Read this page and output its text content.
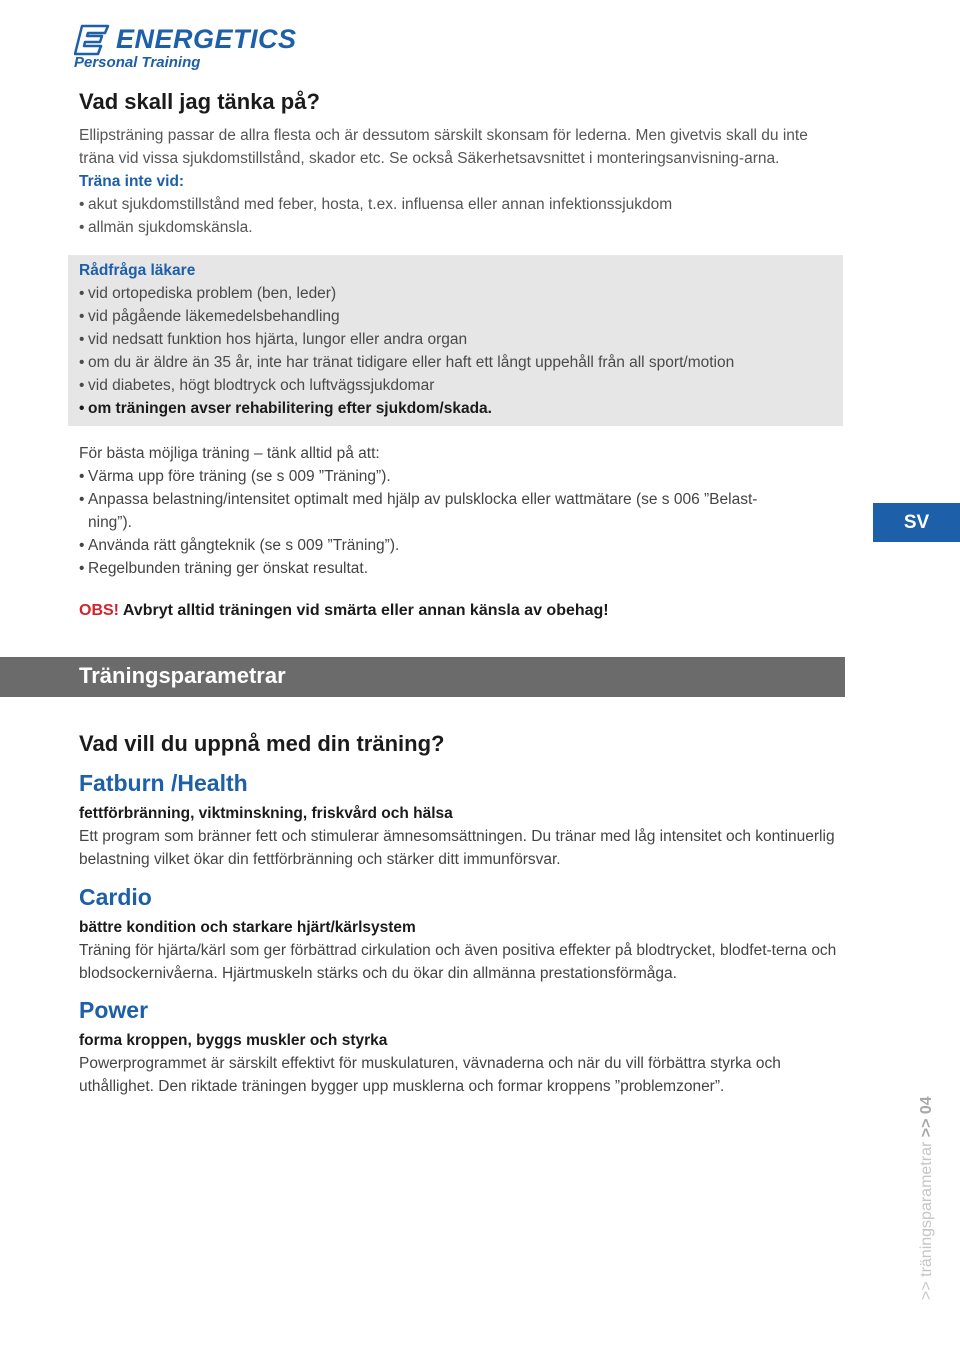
ENERGETICS
Personal Training
Vad skall jag tänka på?
Ellipsträning passar de allra flesta och är dessutom särskilt skonsam för lederna. Men givetvis skall du inte träna vid vissa sjukdomstillstånd, skador etc. Se också Säkerhetsavsnittet i monteringsanvisning-arna. Träna inte vid:
• akut sjukdomstillstånd med feber, hosta, t.ex. influensa eller annan infektionssjukdom
• allmän sjukdomskänsla.
Rådfråga läkare
• vid ortopediska problem (ben, leder)
• vid pågående läkemedelsbehandling
• vid nedsatt funktion hos hjärta, lungor eller andra organ
• om du är äldre än 35 år, inte har tränat tidigare eller haft ett långt uppehåll från all sport/motion
• vid diabetes, högt blodtryck och luftvägssjukdomar
• om träningen avser rehabilitering efter sjukdom/skada.
För bästa möjliga träning – tänk alltid på att:
• Värma upp före träning (se s 009 ”Träning”).
• Anpassa belastning/intensitet optimalt med hjälp av pulsklocka eller wattmätare (se s 006 ”Belast-ning”).
• Använda rätt gångteknik (se s 009 ”Träning”).
• Regelbunden träning ger önskat resultat.
OBS! Avbryt alltid träningen vid smärta eller annan känsla av obehag!
Träningsparametrar
Vad vill du uppnå med din träning?
Fatburn /Health
fettförbränning, viktminskning, friskvård och hälsa
Ett program som bränner fett och stimulerar ämnesomsättningen. Du tränar med låg intensitet och kontinuerlig belastning vilket ökar din fettförbränning och stärker ditt immunförsvar.
Cardio
bättre kondition och starkare hjärt/kärlsystem
Träning för hjärta/kärl som ger förbättrad cirkulation och även positiva effekter på blodtrycket, blodfet-terna och blodsockernivåerna. Hjärtmuskeln stärks och du ökar din allmänna prestationsförmåga.
Power
forma kroppen, byggs muskler och styrka
Powerprogrammet är särskilt effektivt för muskulaturen, vävnaderna och när du vill förbättra styrka och uthållighet. Den riktade träningen bygger upp musklerna och formar kroppens ”problemzoner”.
SV
>> träningsparametrar >> 04
